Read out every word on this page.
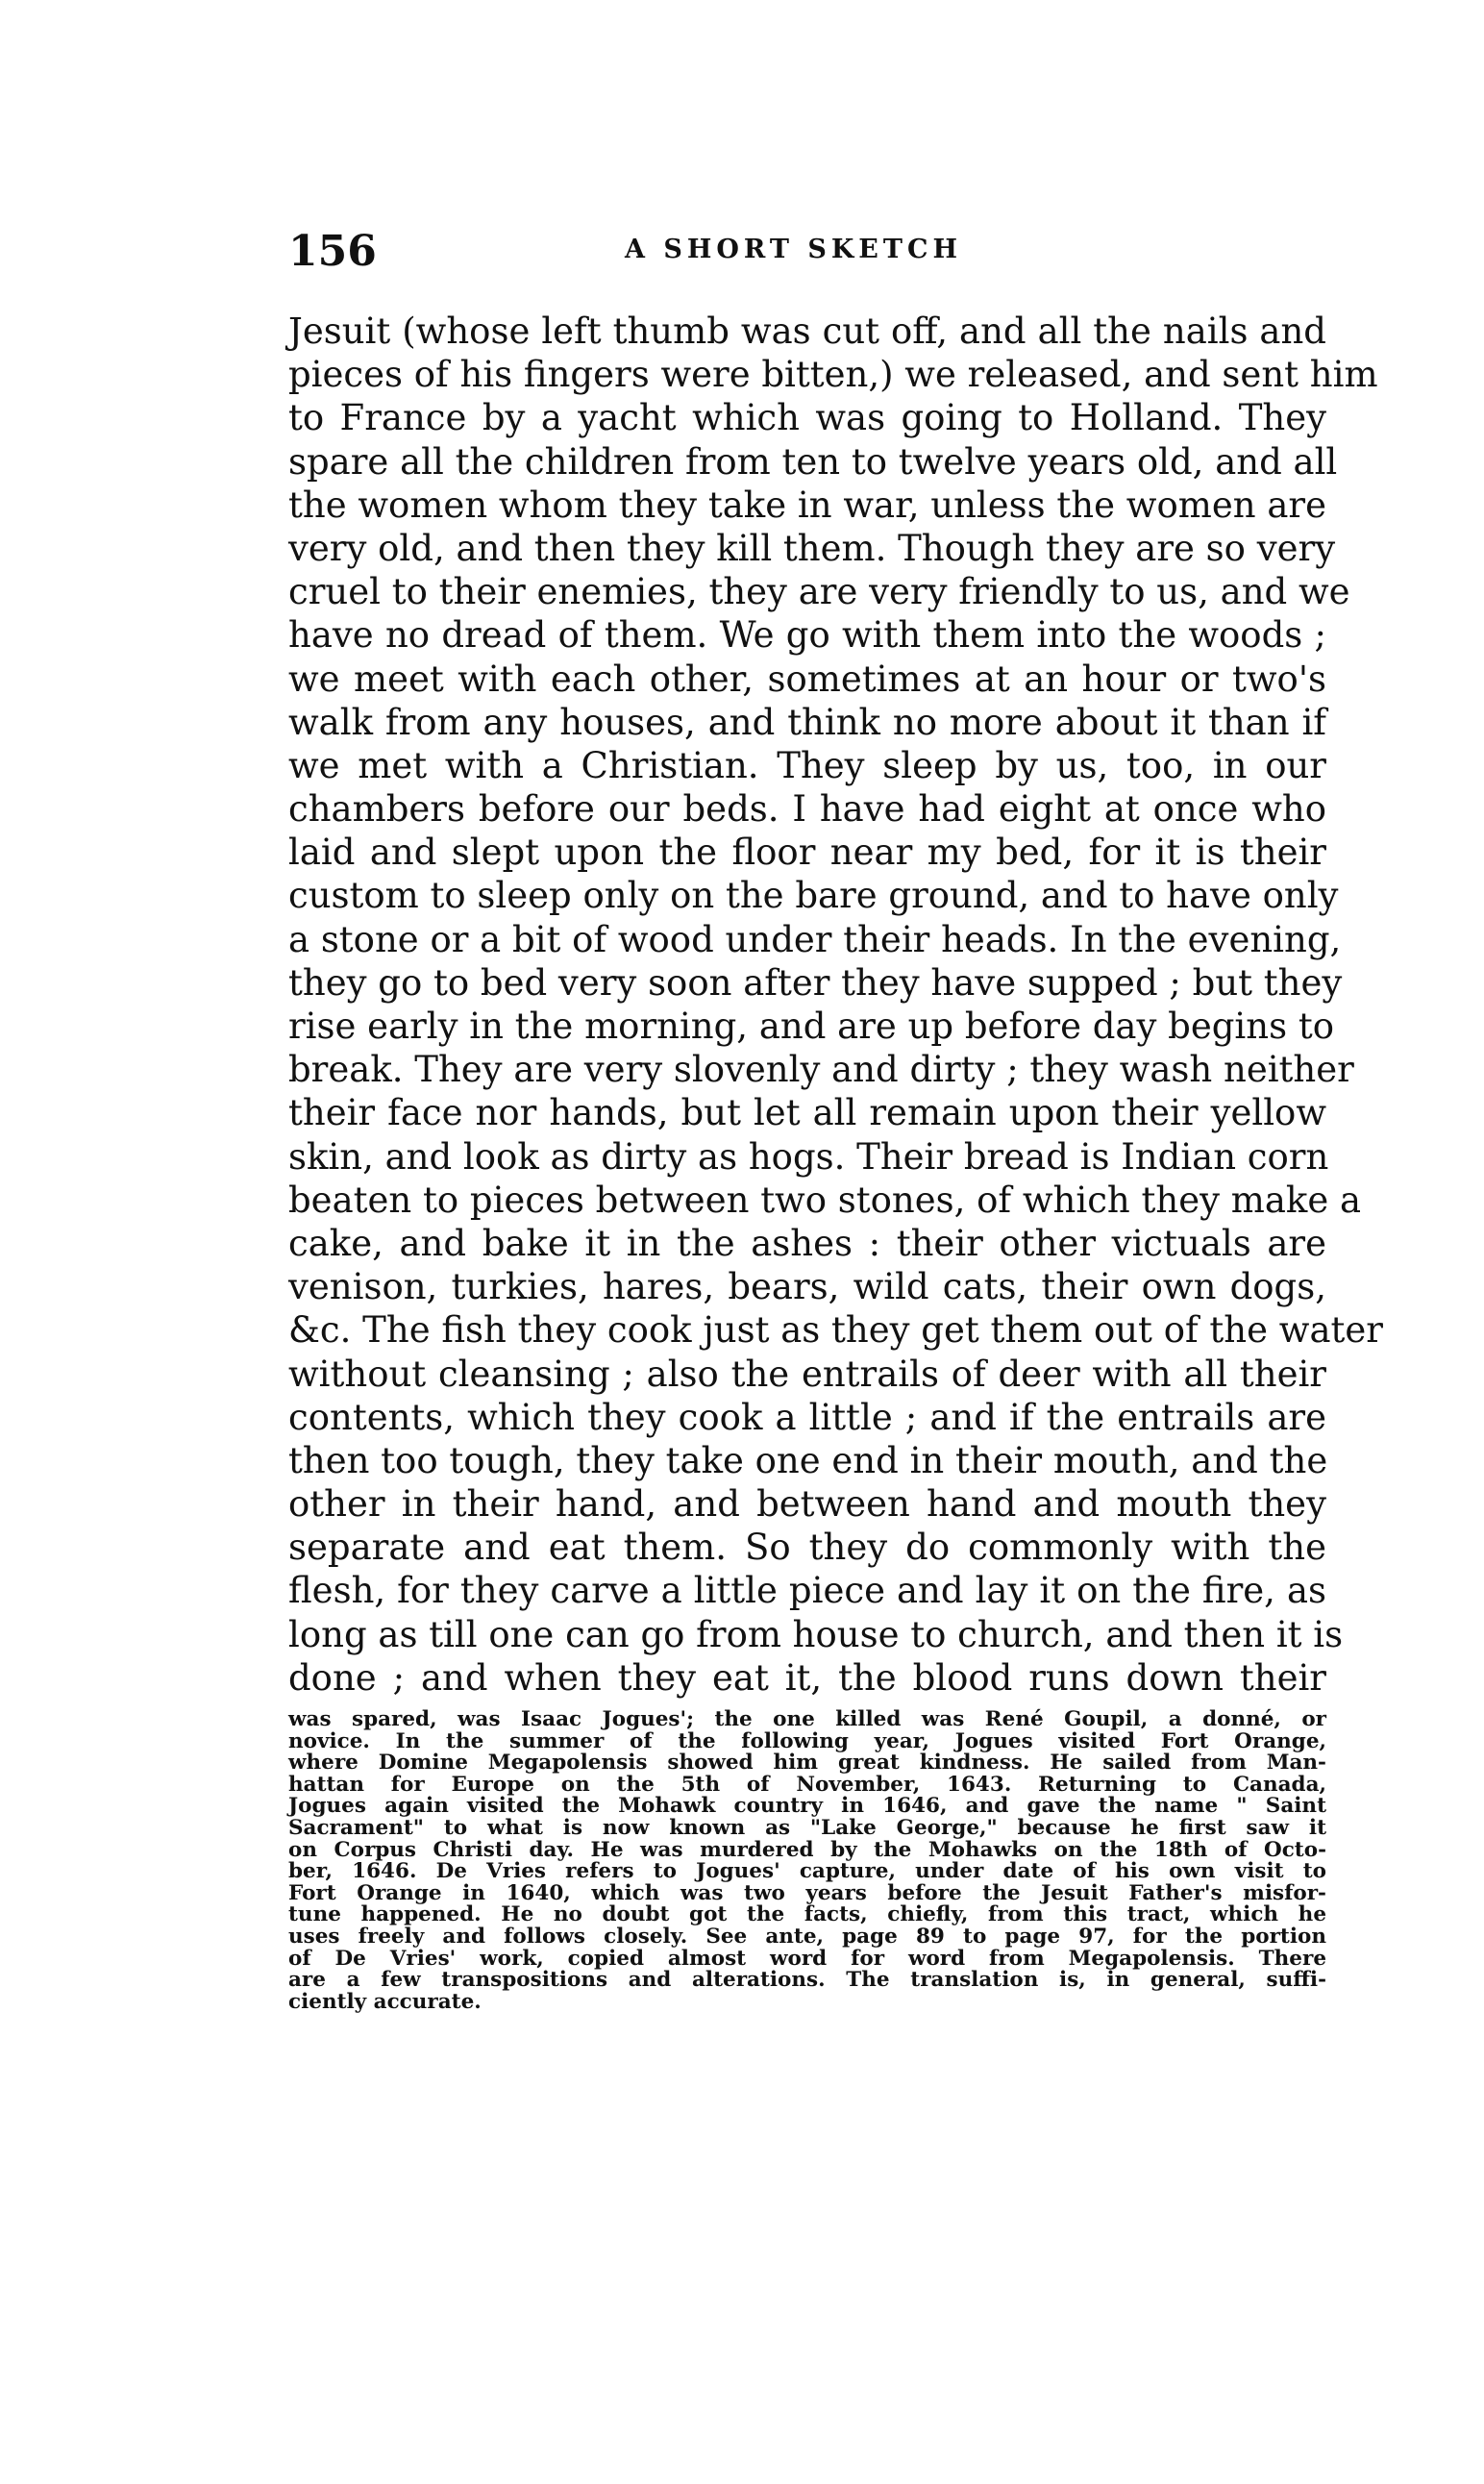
156	A SHORT SKETCH
Jesuit (whose left thumb was cut off, and all the nails and
pieces of his fingers were bitten,) we released, and sent him
to France by a yacht which was going to Holland. They
spare all the children from ten to twelve years old, and all
the women whom they take in war, unless the women are
very old, and then they kill them. Though they are so very
cruel to their enemies, they are very friendly to us, and we
have no dread of them. We go with them into the woods ;
we meet with each other, sometimes at an hour or two's
walk from any houses, and think no more about it than if
we met with a Christian. They sleep by us, too, in our
chambers before our beds. I have had eight at once who
laid and slept upon the floor near my bed, for it is their
custom to sleep only on the bare ground, and to have only
a stone or a bit of wood under their heads. In the evening,
they go to bed very soon after they have supped ; but they
rise early in the morning, and are up before day begins to
break. They are very slovenly and dirty ; they wash neither
their face nor hands, but let all remain upon their yellow
skin, and look as dirty as hogs. Their bread is Indian corn
beaten to pieces between two stones, of which they make a
cake, and bake it in the ashes : their other victuals are
venison, turkies, hares, bears, wild cats, their own dogs,
&c. The fish they cook just as they get them out of the water
without cleansing ; also the entrails of deer with all their
contents, which they cook a little ; and if the entrails are
then too tough, they take one end in their mouth, and the
other in their hand, and between hand and mouth they
separate and eat them. So they do commonly with the
flesh, for they carve a little piece and lay it on the fire, as
long as till one can go from house to church, and then it is
done ; and when they eat it, the blood runs down their
was spared, was Isaac Jogues'; the one killed was René Goupil, a donné, or
novice. In the summer of the following year, Jogues visited Fort Orange,
where Domine Megapolensis showed him great kindness. He sailed from Man-
hattan for Europe on the 5th of November, 1643. Returning to Canada,
Jogues again visited the Mohawk country in 1646, and gave the name " Saint
Sacrament" to what is now known as "Lake George," because he first saw it
on Corpus Christi day. He was murdered by the Mohawks on the 18th of Octo-
ber, 1646. De Vries refers to Jogues' capture, under date of his own visit to
Fort Orange in 1640, which was two years before the Jesuit Father's misfor-
tune happened. He no doubt got the facts, chiefly, from this tract, which he
uses freely and follows closely. See ante, page 89 to page 97, for the portion
of De Vries' work, copied almost word for word from Megapolensis. There
are a few transpositions and alterations. The translation is, in general, suffi-
ciently accurate.
